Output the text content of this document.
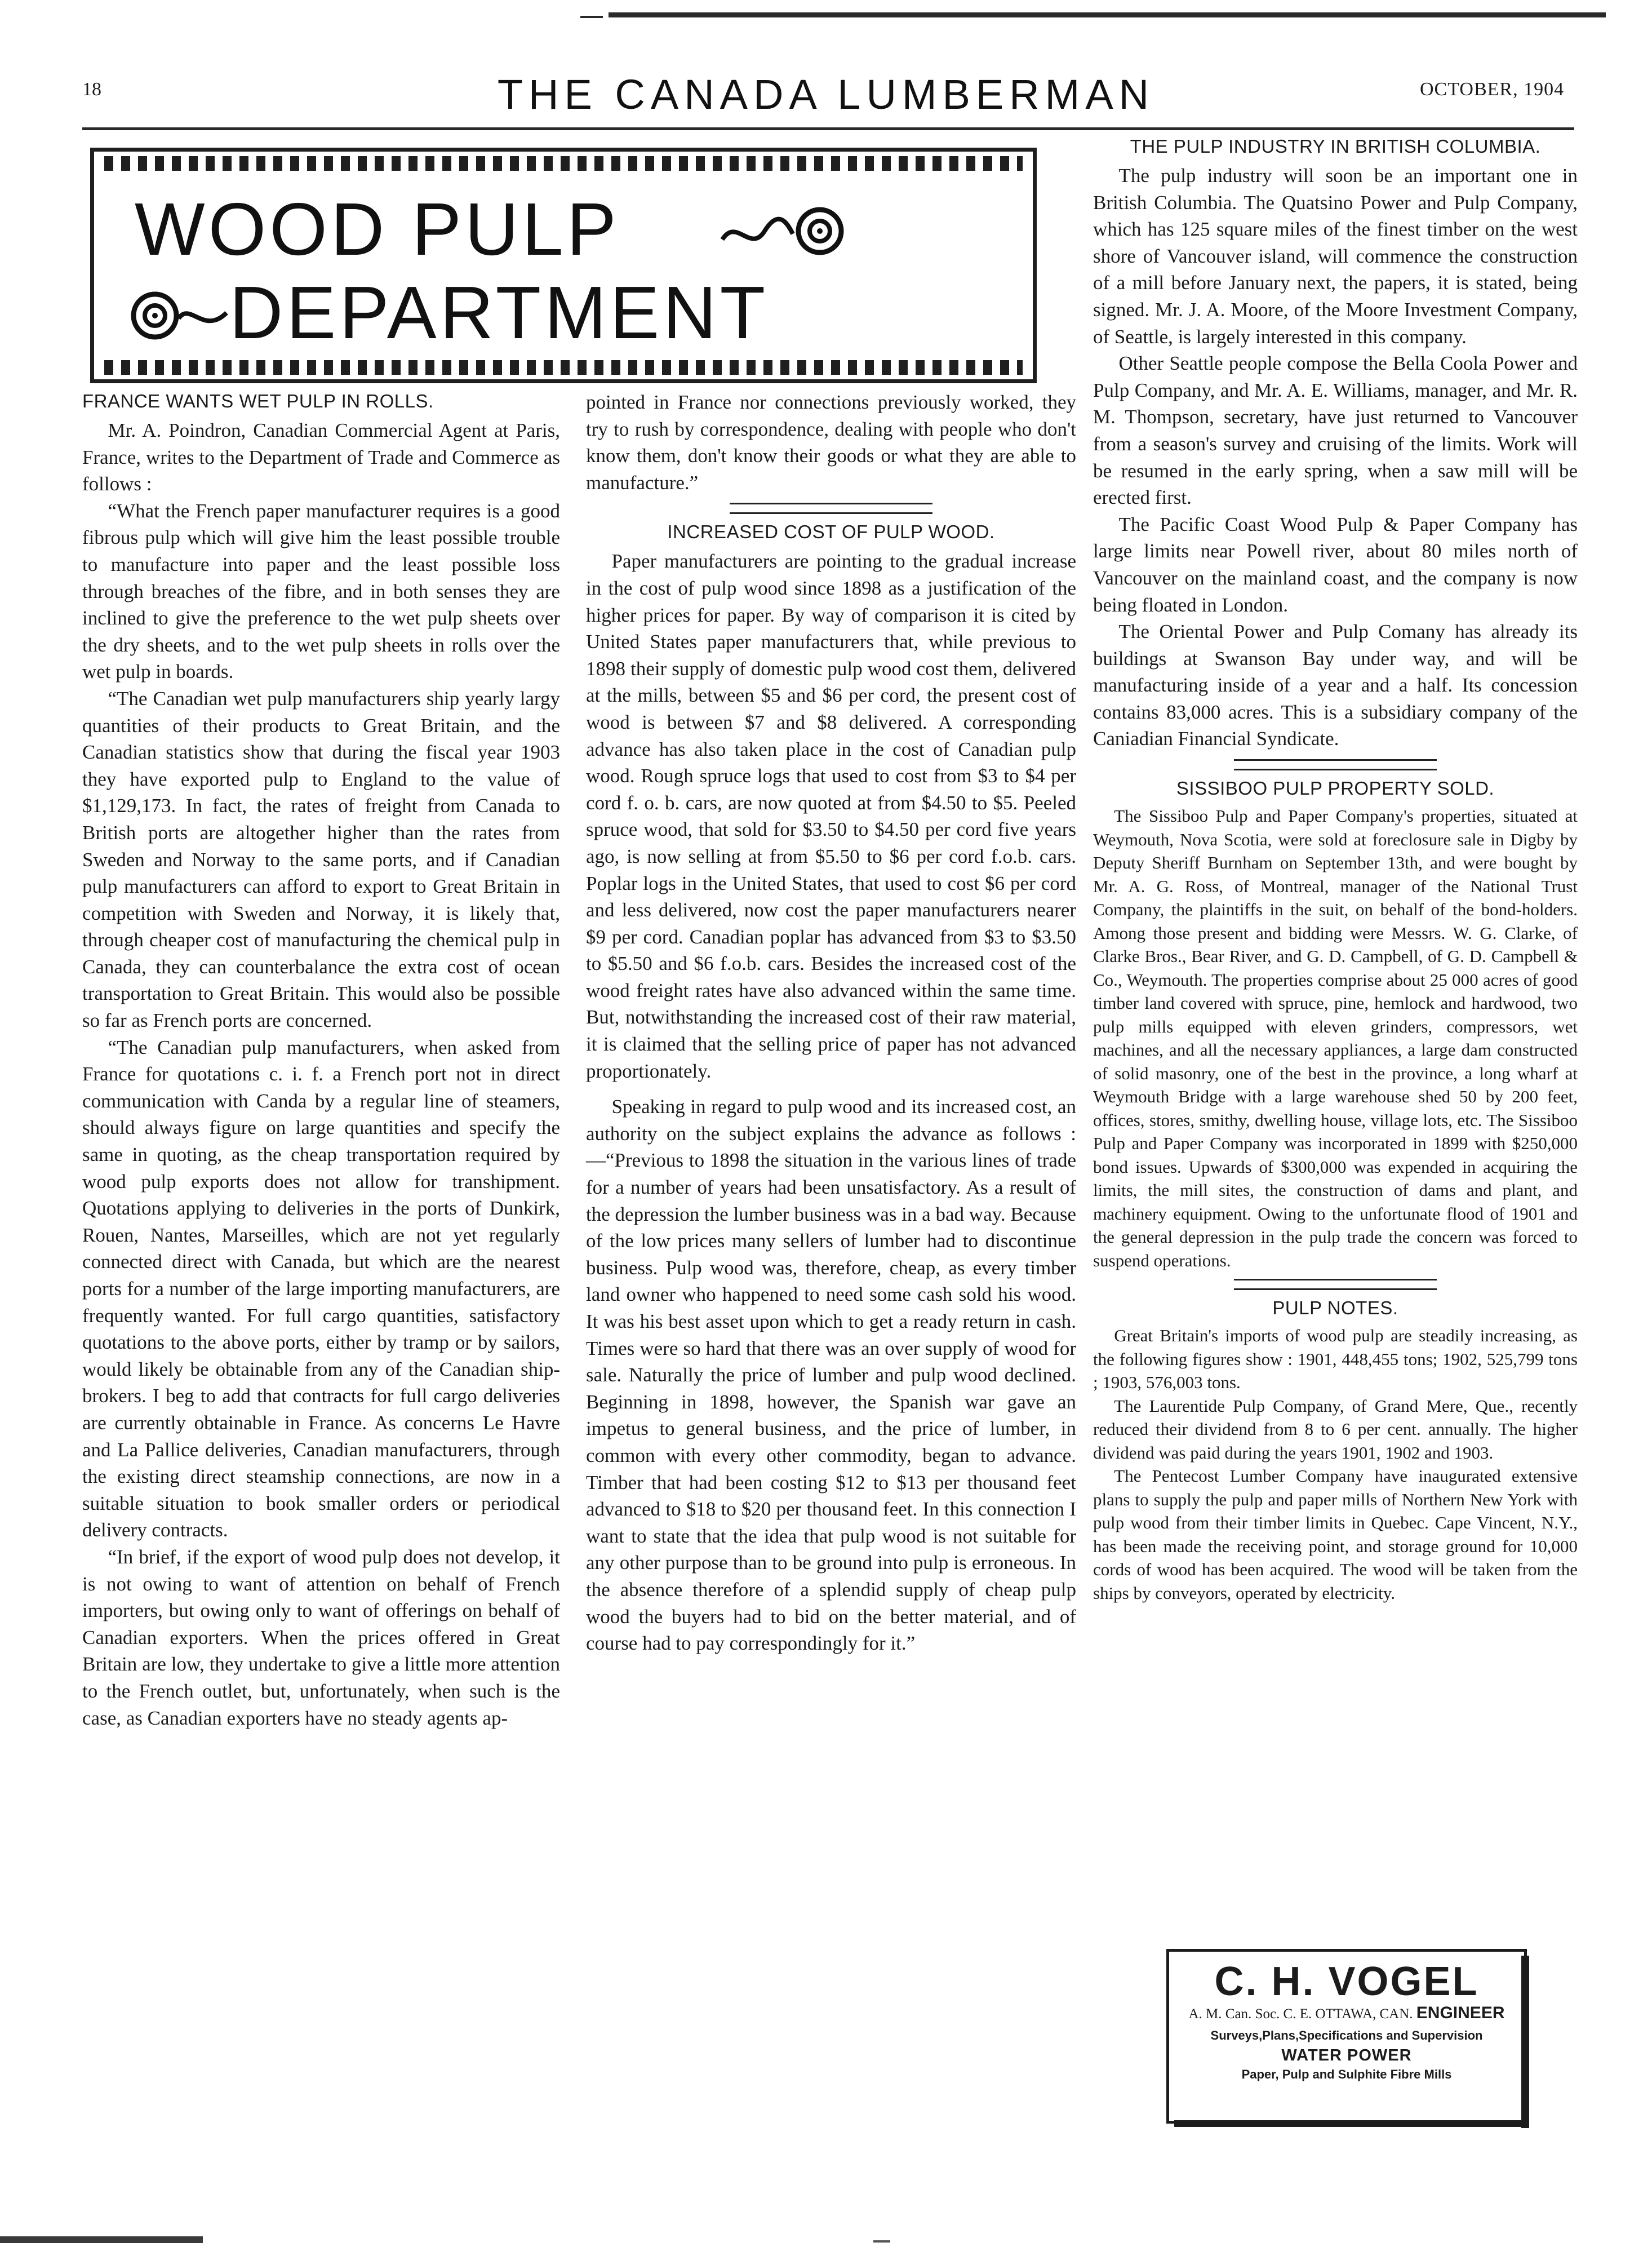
18	THE CANADA LUMBERMAN	OCTOBER, 1904
WOOD PULP
DEPARTMENT
FRANCE WANTS WET PULP IN ROLLS.

Mr. A. Poindron, Canadian Commercial Agent at Paris, France, writes to the Department of Trade and Commerce as follows :

“What the French paper manufacturer requires is a good fibrous pulp which will give him the least possible trouble to manufacture into paper and the least possible loss through breaches of the fibre, and in both senses they are inclined to give the preference to the wet pulp sheets over the dry sheets, and to the wet pulp sheets in rolls over the wet pulp in boards.

“The Canadian wet pulp manufacturers ship yearly largy quantities of their products to Great Britain, and the Canadian statistics show that during the fiscal year 1903 they have exported pulp to England to the value of $1,129,173. In fact, the rates of freight from Canada to British ports are altogether higher than the rates from Sweden and Norway to the same ports, and if Canadian pulp manufacturers can afford to export to Great Britain in competition with Sweden and Norway, it is likely that, through cheaper cost of manufacturing the chemical pulp in Canada, they can counterbalance the extra cost of ocean transportation to Great Britain. This would also be possible so far as French ports are concerned.

“The Canadian pulp manufacturers, when asked from France for quotations c. i. f. a French port not in direct communication with Canda by a regular line of steamers, should always figure on large quantities and specify the same in quoting, as the cheap transportation required by wood pulp exports does not allow for transhipment. Quotations applying to deliveries in the ports of Dunkirk, Rouen, Nantes, Marseilles, which are not yet regularly connected direct with Canada, but which are the nearest ports for a number of the large importing manufacturers, are frequently wanted. For full cargo quantities, satisfactory quotations to the above ports, either by tramp or by sailors, would likely be obtainable from any of the Canadian ship-brokers. I beg to add that contracts for full cargo deliveries are currently obtainable in France. As concerns Le Havre and La Pallice deliveries, Canadian manufacturers, through the existing direct steamship connections, are now in a suitable situation to book smaller orders or periodical delivery contracts.

“In brief, if the export of wood pulp does not develop, it is not owing to want of attention on behalf of French importers, but owing only to want of offerings on behalf of Canadian exporters. When the prices offered in Great Britain are low, they undertake to give a little more attention to the French outlet, but, unfortunately, when such is the case, as Canadian exporters have no steady agents ap-

pointed in France nor connections previously worked, they try to rush by correspondence, dealing with people who don't know them, don't know their goods or what they are able to manufacture.”

INCREASED COST OF PULP WOOD.

Paper manufacturers are pointing to the gradual increase in the cost of pulp wood since 1898 as a justification of the higher prices for paper. By way of comparison it is cited by United States paper manufacturers that, while previous to 1898 their supply of domestic pulp wood cost them, delivered at the mills, between $5 and $6 per cord, the present cost of wood is between $7 and $8 delivered. A corresponding advance has also taken place in the cost of Canadian pulp wood. Rough spruce logs that used to cost from $3 to $4 per cord f. o. b. cars, are now quoted at from $4.50 to $5. Peeled spruce wood, that sold for $3.50 to $4.50 per cord five years ago, is now selling at from $5.50 to $6 per cord f.o.b. cars. Poplar logs in the United States, that used to cost $6 per cord and less delivered, now cost the paper manufacturers nearer $9 per cord. Canadian poplar has advanced from $3 to $3.50 to $5.50 and $6 f.o.b. cars. Besides the increased cost of the wood freight rates have also advanced within the same time. But, notwithstanding the increased cost of their raw material, it is claimed that the selling price of paper has not advanced proportionately.

Speaking in regard to pulp wood and its increased cost, an authority on the subject explains the advance as follows :—“Previous to 1898 the situation in the various lines of trade for a number of years had been unsatisfactory. As a result of the depression the lumber business was in a bad way. Because of the low prices many sellers of lumber had to discontinue business. Pulp wood was, therefore, cheap, as every timber land owner who happened to need some cash sold his wood. It was his best asset upon which to get a ready return in cash. Times were so hard that there was an over supply of wood for sale. Naturally the price of lumber and pulp wood declined. Beginning in 1898, however, the Spanish war gave an impetus to general business, and the price of lumber, in common with every other commodity, began to advance. Timber that had been costing $12 to $13 per thousand feet advanced to $18 to $20 per thousand feet. In this connection I want to state that the idea that pulp wood is not suitable for any other purpose than to be ground into pulp is erroneous. In the absence therefore of a splendid supply of cheap pulp wood the buyers had to bid on the better material, and of course had to pay correspondingly for it.”

THE PULP INDUSTRY IN BRITISH COLUMBIA.

The pulp industry will soon be an important one in British Columbia. The Quatsino Power and Pulp Company, which has 125 square miles of the finest timber on the west shore of Vancouver island, will commence the construction of a mill before January next, the papers, it is stated, being signed. Mr. J. A. Moore, of the Moore Investment Company, of Seattle, is largely interested in this company.

Other Seattle people compose the Bella Coola Power and Pulp Company, and Mr. A. E. Williams, manager, and Mr. R. M. Thompson, secretary, have just returned to Vancouver from a season's survey and cruising of the limits. Work will be resumed in the early spring, when a saw mill will be erected first.

The Pacific Coast Wood Pulp & Paper Company has large limits near Powell river, about 80 miles north of Vancouver on the mainland coast, and the company is now being floated in London.

The Oriental Power and Pulp Comany has already its buildings at Swanson Bay under way, and will be manufacturing inside of a year and a half. Its concession contains 83,000 acres. This is a subsidiary company of the Caniadian Financial Syndicate.

SISSIBOO PULP PROPERTY SOLD.

The Sissiboo Pulp and Paper Company's properties, situated at Weymouth, Nova Scotia, were sold at foreclosure sale in Digby by Deputy Sheriff Burnham on September 13th, and were bought by Mr. A. G. Ross, of Montreal, manager of the National Trust Company, the plaintiffs in the suit, on behalf of the bond-holders. Among those present and bidding were Messrs. W. G. Clarke, of Clarke Bros., Bear River, and G. D. Campbell, of G. D. Campbell & Co., Weymouth. The properties comprise about 25 000 acres of good timber land covered with spruce, pine, hemlock and hardwood, two pulp mills equipped with eleven grinders, compressors, wet machines, and all the necessary appliances, a large dam constructed of solid masonry, one of the best in the province, a long wharf at Weymouth Bridge with a large warehouse shed 50 by 200 feet, offices, stores, smithy, dwelling house, village lots, etc. The Sissiboo Pulp and Paper Company was incorporated in 1899 with $250,000 bond issues. Upwards of $300,000 was expended in acquiring the limits, the mill sites, the construction of dams and plant, and machinery equipment. Owing to the unfortunate flood of 1901 and the general depression in the pulp trade the concern was forced to suspend operations.

PULP NOTES.

Great Britain's imports of wood pulp are steadily increasing, as the following figures show : 1901, 448,455 tons; 1902, 525,799 tons ; 1903, 576,003 tons.

The Laurentide Pulp Company, of Grand Mere, Que., recently reduced their dividend from 8 to 6 per cent. annually. The higher dividend was paid during the years 1901, 1902 and 1903.

The Pentecost Lumber Company have inaugurated extensive plans to supply the pulp and paper mills of Northern New York with pulp wood from their timber limits in Quebec. Cape Vincent, N.Y., has been made the receiving point, and storage ground for 10,000 cords of wood has been acquired. The wood will be taken from the ships by conveyors, operated by electricity.

C. H. VOGEL
A. M. Can. Soc. C. E. OTTAWA, CAN. ENGINEER
Surveys,Plans,Specifications and Supervision
WATER POWER
Paper, Pulp and Sulphite Fibre Mills
